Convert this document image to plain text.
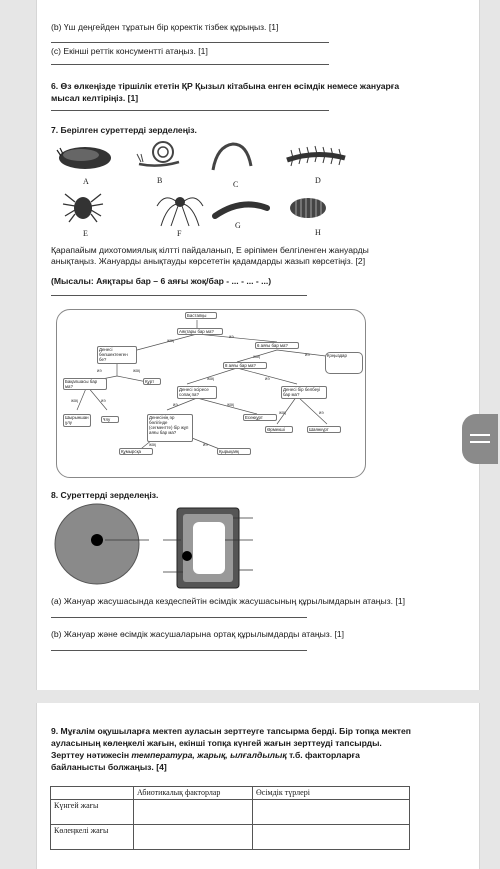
(b) Үш деңгейден тұратын бір қоректік тізбек құрыңыз. [1]
(c) Екінші реттік консументті атаңыз. [1]
6. Өз өлкеңізде тіршілік ететін ҚР Қызыл кітабына енген өсімдік немесе жануарға
мысал келтіріңіз. [1]
7. Берілген суреттерді зерделеңіз.
A	B	C	D
E	F
G
H
Қарапайым дихотомиялық кілтті пайдаланып, Е әріпімен белгіленген жануарды
анықтаңыз. Жануарды анықтауды көрсететін қадамдарды жазып көрсетіңіз. [2]
(Мысалы: Аяқтары бар – 6 аяғы жоқ/бар - ... - ... - ...)
Бастапқы
Аяқтары бар ма?
6 аяғы бар ма?
Денесі бөлшектенген бе?
Қоңыздар
8 аяғы бар ма?
Бақалшасы бар ма?
Құрт
Денесі әсіресе сопақ па?
Денесі бір белбеуі бар ма?
Шырыншан ұлу
Ұлу	Есекқұрт
Денесінің әр бөлігінде (сегментте) бір жұп аяғы бар ма?
Өрмекші	Шаянкүрт
Құмырсқа	Қырықаяқ
жоқ
иә
жоқ	иә
иә	жоқ
жоқ	иә
жоқ	иә
иә	жоқ
жоқ	иә
жоқ	иә
8. Суреттерді зерделеңіз.
(a) Жануар жасушасында кездеспейтін өсімдік жасушасының құрылымдарын атаңыз. [1]
(b) Жануар және өсімдік жасушаларына ортақ құрылымдарды атаңыз. [1]
9. Мұғалім оқушыларға мектеп ауласын зерттеуге тапсырма берді. Бір топқа мектеп
ауласының көлеңкелі жағын, екінші топқа күнгей жағын зерттеуді тапсырды.
Зерттеу нәтижесін температура, жарық, ылғалдылық т.б. факторларға
байланысты болжаңыз. [4]
	Абиотикалық факторлар	Өсімдік түрлері
Күнгей жағы		
Көлеңкелі жағы		
